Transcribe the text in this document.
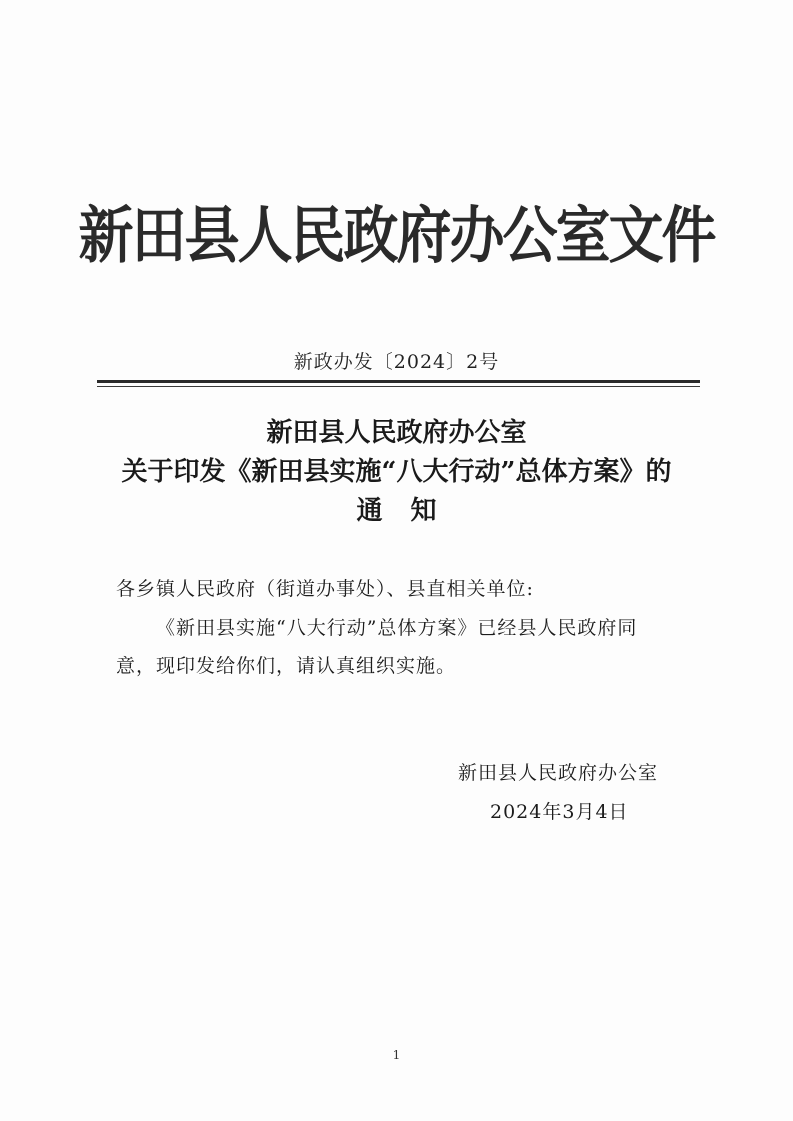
新田县人民政府办公室文件
新政办发〔2024〕2号
新田县人民政府办公室
关于印发《新田县实施“八大行动”总体方案》的
通知
各乡镇人民政府（街道办事处）、县直相关单位:
《新田县实施“八大行动”总体方案》已经县人民政府同
意，现印发给你们，请认真组织实施。
新田县人民政府办公室
2024年3月4日
1
